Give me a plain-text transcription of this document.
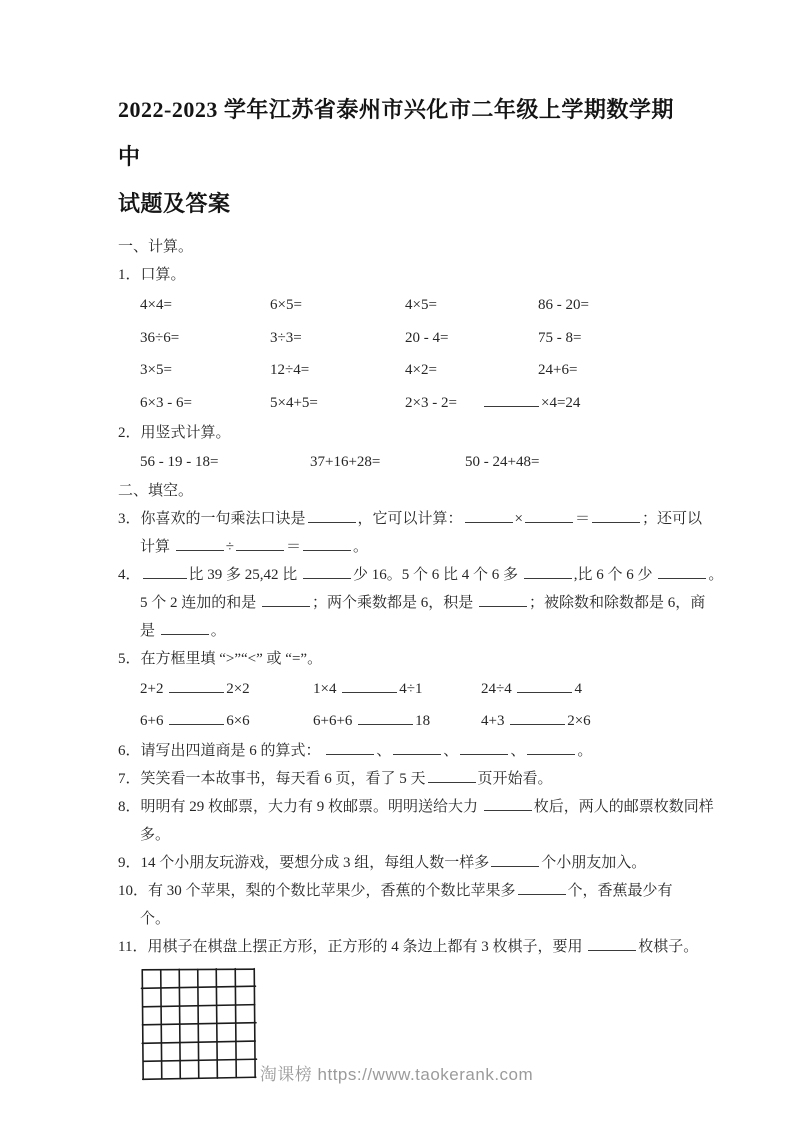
2022-2023 学年江苏省泰州市兴化市二年级上学期数学期中
试题及答案
一、计算。
1．口算。
4×4=	6×5=	4×5=	86 - 20=
36÷6=	3÷3=	20 - 4=	75 - 8=
3×5=	12÷4=	4×2=	24+6=
6×3 - 6=	5×4+5=	2×3 - 2=	×4=24
2．用竖式计算。
56 - 19 - 18=	37+16+28=	50 - 24+48=
二、填空。
3．你喜欢的一句乘法口诀是	，它可以计算：	×	＝	；还可以
计算	÷	＝	。
4．	比 39 多 25,42 比	少 16。5 个 6 比 4 个 6 多	,比 6 个 6 少	。
5 个 2 连加的和是	；两个乘数都是 6，积是	；被除数和除数都是 6，商
是	。
5．在方框里填 “>”“<” 或 “=”。
2+2	2×2	1×4	4÷1	24÷4	4
6+6	6×6	6+6+6	18	4+3	2×6
6．请写出四道商是 6 的算式：	、	、	、	。
7．笑笑看一本故事书，每天看 6 页，看了 5 天	页开始看。
8．明明有 29 枚邮票，大力有 9 枚邮票。明明送给大力	枚后，两人的邮票枚数同样
多。
9．14 个小朋友玩游戏，要想分成 3 组，每组人数一样多	个小朋友加入。
10．有 30 个苹果，梨的个数比苹果少，香蕉的个数比苹果多	个，香蕉最少有
个。
11．用棋子在棋盘上摆正方形，正方形的 4 条边上都有 3 枚棋子，要用	枚棋子。
淘课榜 https://www.taokerank.com
